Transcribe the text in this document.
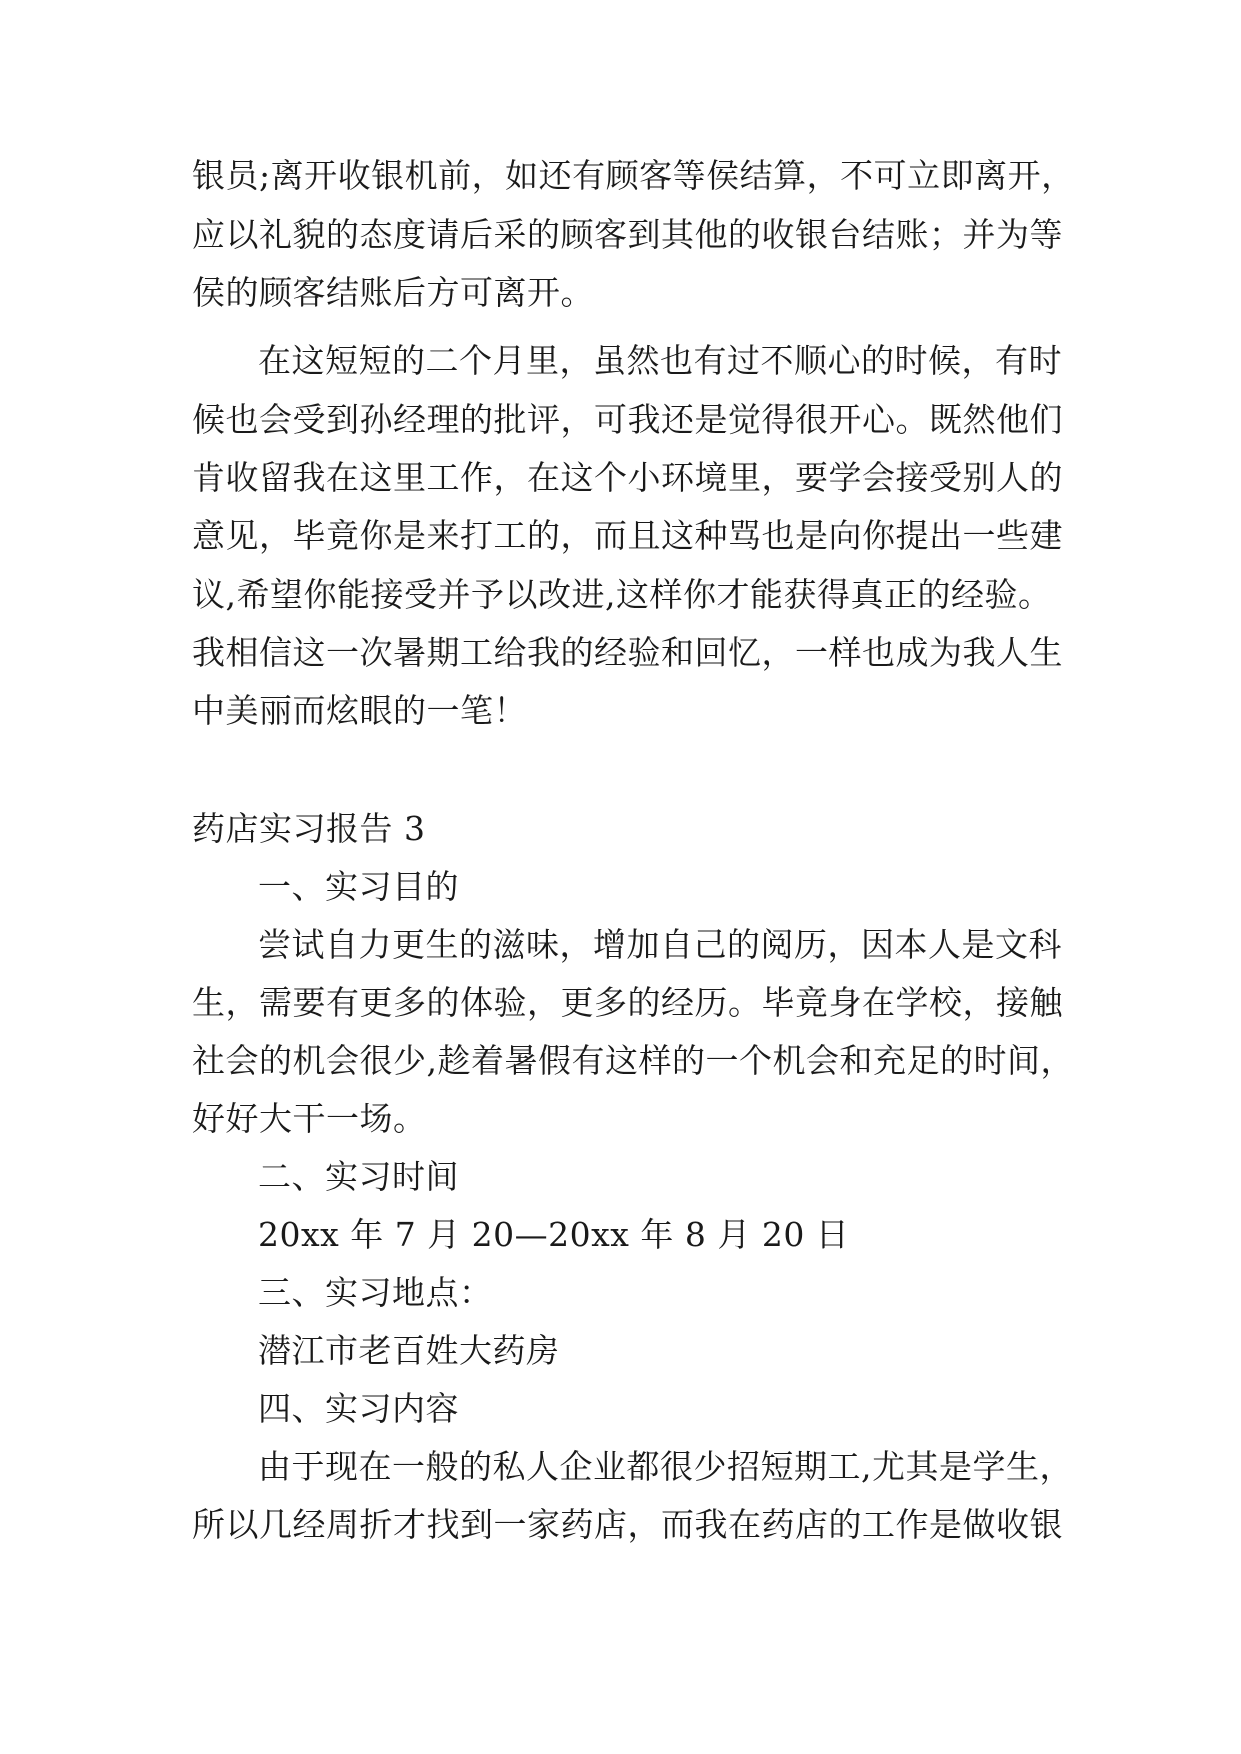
银员;离开收银机前，如还有顾客等侯结算，不可立即离开，
应以礼貌的态度请后采的顾客到其他的收银台结账；并为等
侯的顾客结账后方可离开。
在这短短的二个月里，虽然也有过不顺心的时候，有时
候也会受到孙经理的批评，可我还是觉得很开心。既然他们
肯收留我在这里工作，在这个小环境里，要学会接受别人的
意见，毕竟你是来打工的，而且这种骂也是向你提出一些建
议,希望你能接受并予以改进,这样你才能获得真正的经验。
我相信这一次暑期工给我的经验和回忆，一样也成为我人生
中美丽而炫眼的一笔！
药店实习报告 3
一、实习目的
尝试自力更生的滋味，增加自己的阅历，因本人是文科
生，需要有更多的体验，更多的经历。毕竟身在学校，接触
社会的机会很少,趁着暑假有这样的一个机会和充足的时间，
好好大干一场。
二、实习时间
20xx 年 7 月 20—20xx 年 8 月 20 日
三、实习地点：
潜江市老百姓大药房
四、实习内容
由于现在一般的私人企业都很少招短期工,尤其是学生，
所以几经周折才找到一家药店，而我在药店的工作是做收银
